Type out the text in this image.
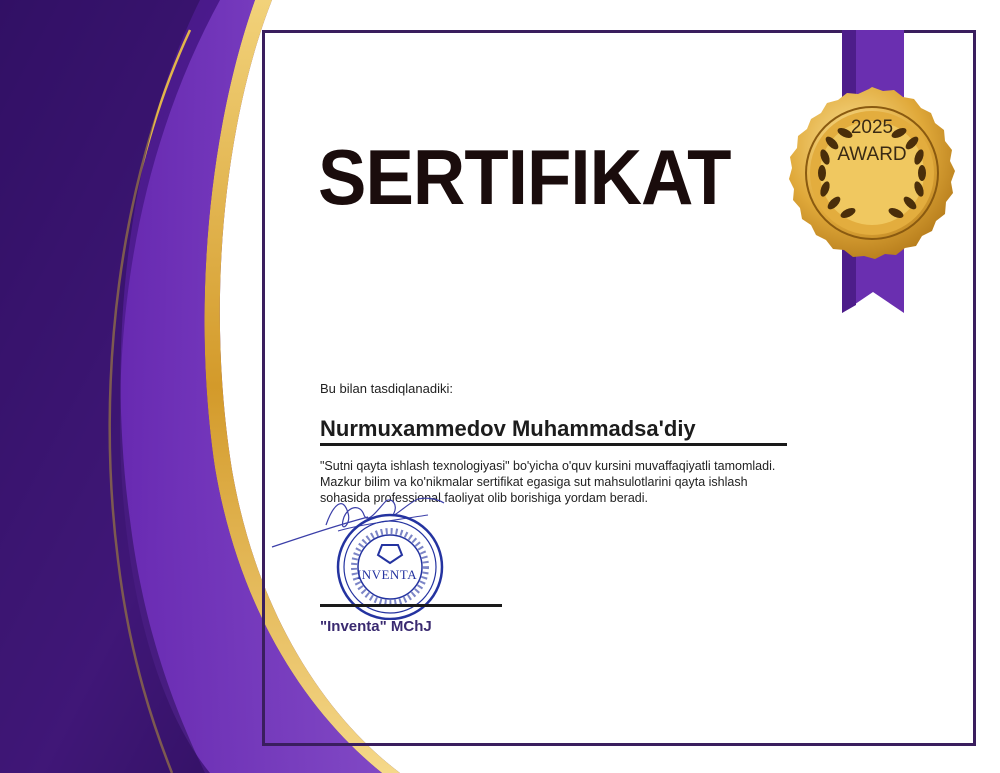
2025
AWARD
SERTIFIKAT
Bu bilan tasdiqlanadiki:
Nurmuxammedov Muhammadsa'diy
"Sutni qayta ishlash texnologiyasi" bo'yicha o'quv kursini muvaffaqiyatli tamomladi.
Mazkur bilim va ko'nikmalar sertifikat egasiga sut mahsulotlarini qayta ishlash
sohasida professional faoliyat olib borishiga yordam beradi.
INVENTA
"Inventa" MChJ
